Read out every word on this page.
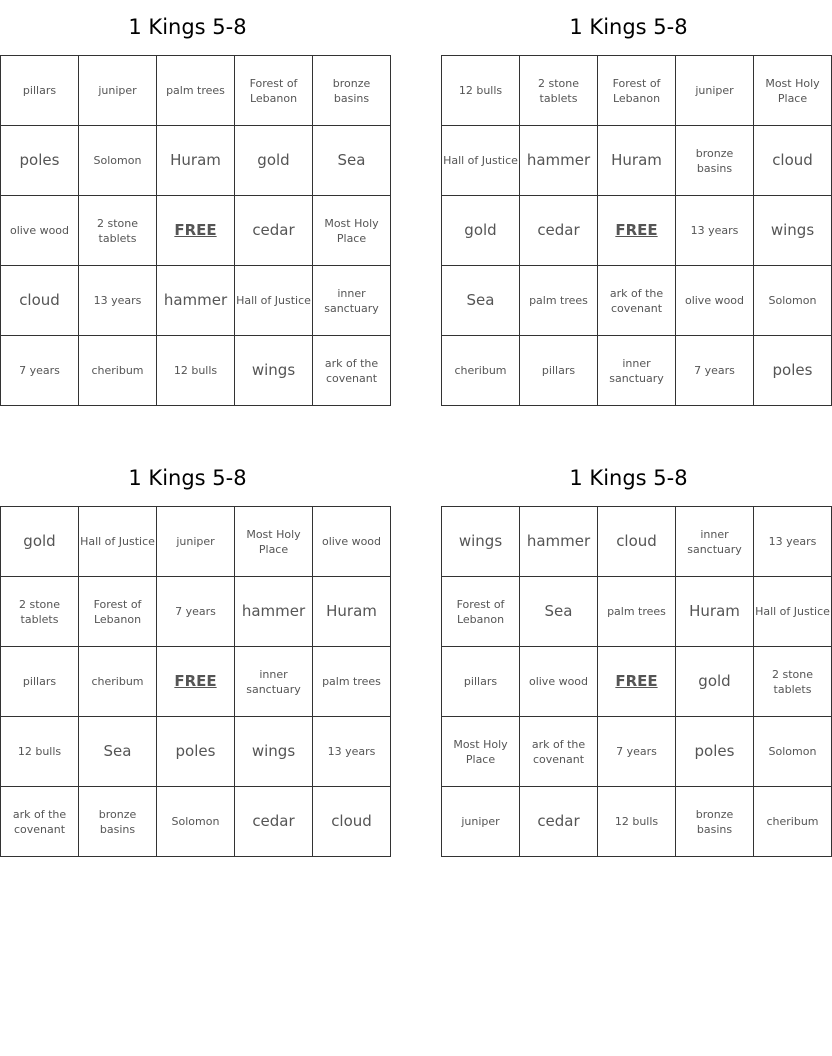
1 Kings 5-8
pillars	juniper	palm trees	Forest of Lebanon	bronze basins
poles	Solomon	Huram	gold	Sea
olive wood	2 stone tablets	FREE	cedar	Most Holy Place
cloud	13 years	hammer	Hall of Justice	inner sanctuary
7 years	cheribum	12 bulls	wings	ark of the covenant
1 Kings 5-8
12 bulls	2 stone tablets	Forest of Lebanon	juniper	Most Holy Place
Hall of Justice	hammer	Huram	bronze basins	cloud
gold	cedar	FREE	13 years	wings
Sea	palm trees	ark of the covenant	olive wood	Solomon
cheribum	pillars	inner sanctuary	7 years	poles
1 Kings 5-8
gold	Hall of Justice	juniper	Most Holy Place	olive wood
2 stone tablets	Forest of Lebanon	7 years	hammer	Huram
pillars	cheribum	FREE	inner sanctuary	palm trees
12 bulls	Sea	poles	wings	13 years
ark of the covenant	bronze basins	Solomon	cedar	cloud
1 Kings 5-8
wings	hammer	cloud	inner sanctuary	13 years
Forest of Lebanon	Sea	palm trees	Huram	Hall of Justice
pillars	olive wood	FREE	gold	2 stone tablets
Most Holy Place	ark of the covenant	7 years	poles	Solomon
juniper	cedar	12 bulls	bronze basins	cheribum
